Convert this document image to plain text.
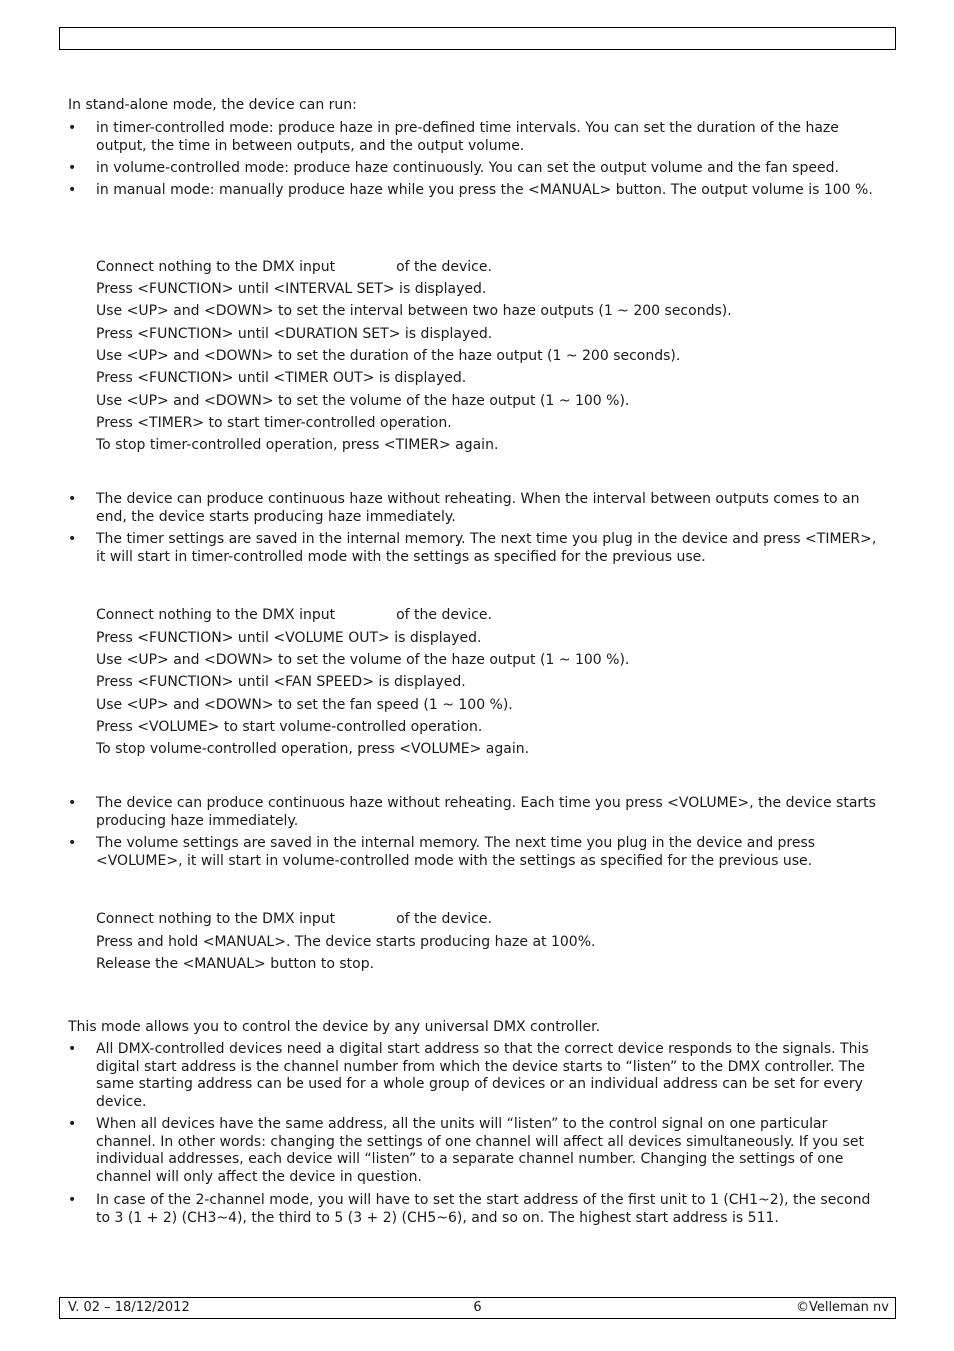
In stand-alone mode, the device can run:

• in timer-controlled mode: produce haze in pre-defined time intervals. You can set the duration of the haze output, the time in between outputs, and the output volume.
• in volume-controlled mode: produce haze continuously. You can set the output volume and the fan speed.
• in manual mode: manually produce haze while you press the <MANUAL> button. The output volume is 100 %.
Connect nothing to the DMX input	of the device.
Press <FUNCTION> until <INTERVAL SET> is displayed.
Use <UP> and <DOWN> to set the interval between two haze outputs (1 ~ 200 seconds).
Press <FUNCTION> until <DURATION SET> is displayed.
Use <UP> and <DOWN> to set the duration of the haze output (1 ~ 200 seconds).
Press <FUNCTION> until <TIMER OUT> is displayed.
Use <UP> and <DOWN> to set the volume of the haze output (1 ~ 100 %).
Press <TIMER> to start timer-controlled operation.
To stop timer-controlled operation, press <TIMER> again.
• The device can produce continuous haze without reheating. When the interval between outputs comes to an end, the device starts producing haze immediately.
• The timer settings are saved in the internal memory. The next time you plug in the device and press <TIMER>, it will start in timer-controlled mode with the settings as specified for the previous use.
Connect nothing to the DMX input	of the device.
Press <FUNCTION> until <VOLUME OUT> is displayed.
Use <UP> and <DOWN> to set the volume of the haze output (1 ~ 100 %).
Press <FUNCTION> until <FAN SPEED> is displayed.
Use <UP> and <DOWN> to set the fan speed (1 ~ 100 %).
Press <VOLUME> to start volume-controlled operation.
To stop volume-controlled operation, press <VOLUME> again.
• The device can produce continuous haze without reheating. Each time you press <VOLUME>, the device starts producing haze immediately.
• The volume settings are saved in the internal memory. The next time you plug in the device and press <VOLUME>, it will start in volume-controlled mode with the settings as specified for the previous use.
Connect nothing to the DMX input	of the device.
Press and hold <MANUAL>. The device starts producing haze at 100%.
Release the <MANUAL> button to stop.

This mode allows you to control the device by any universal DMX controller.

• All DMX-controlled devices need a digital start address so that the correct device responds to the signals. This digital start address is the channel number from which the device starts to “listen” to the DMX controller. The same starting address can be used for a whole group of devices or an individual address can be set for every device.
• When all devices have the same address, all the units will “listen” to the control signal on one particular channel. In other words: changing the settings of one channel will affect all devices simultaneously. If you set individual addresses, each device will “listen” to a separate channel number. Changing the settings of one channel will only affect the device in question.
• In case of the 2-channel mode, you will have to set the start address of the first unit to 1 (CH1~2), the second to 3 (1 + 2) (CH3~4), the third to 5 (3 + 2) (CH5~6), and so on. The highest start address is 511.
V. 02 – 18/12/2012	6	©Velleman nv
